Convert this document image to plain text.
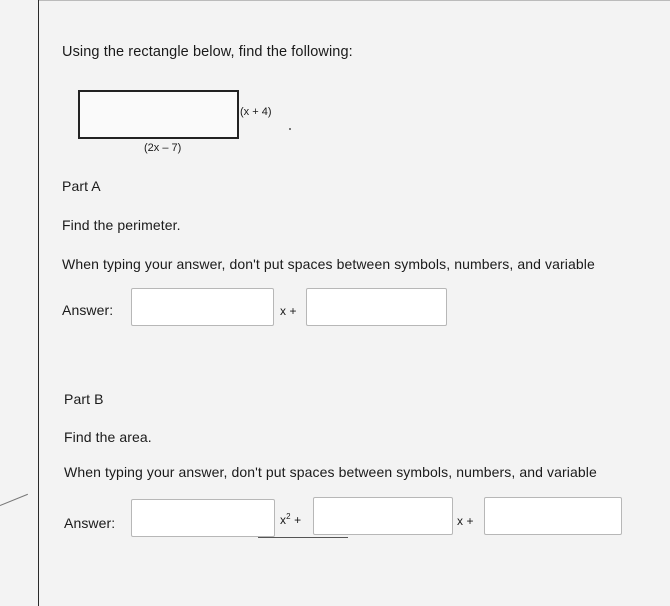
Using the rectangle below, find the following:
(x + 4)
(2x – 7)
Part A
Find the perimeter.
When typing your answer, don't put spaces between symbols, numbers, and variable
Answer:	x +
Part B
Find the area.
When typing your answer, don't put spaces between symbols, numbers, and variable
Answer:	$x^2$ +	x +
